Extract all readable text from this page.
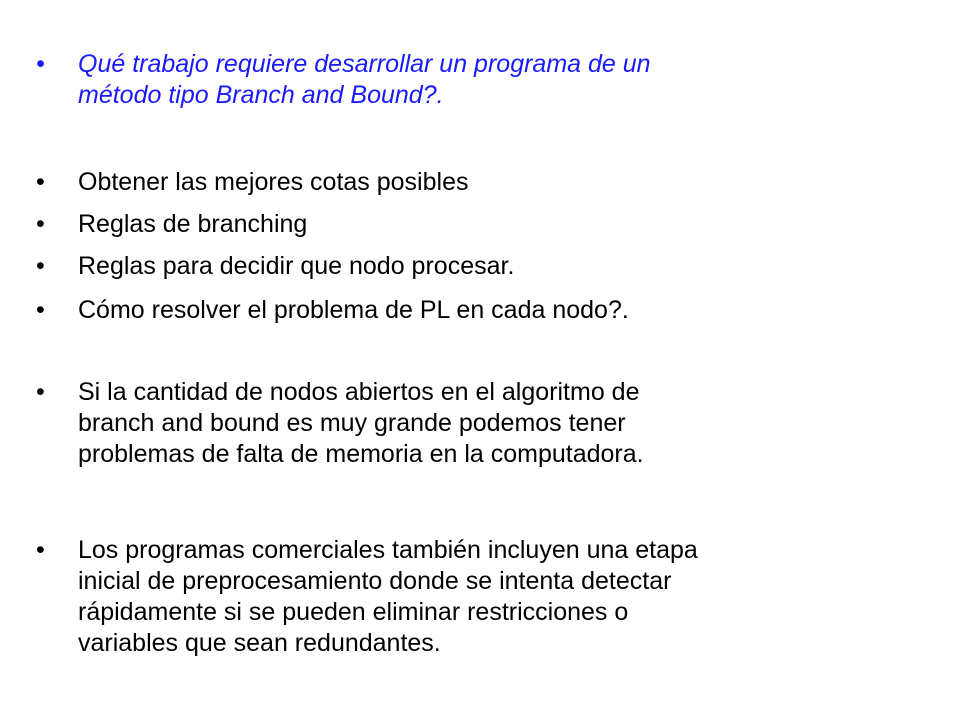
•	Qué trabajo requiere desarrollar un programa de un
método tipo Branch and Bound?.
•	Obtener las mejores cotas posibles
•	Reglas de branching
•	Reglas para decidir que nodo procesar.
•	Cómo resolver el problema de PL en cada nodo?.
•	Si la cantidad de nodos abiertos en el algoritmo de
branch and bound es muy grande podemos tener
problemas de falta de memoria en la computadora.
•	Los programas comerciales también incluyen una etapa
inicial de preprocesamiento donde se intenta detectar
rápidamente si se pueden eliminar restricciones o
variables que sean redundantes.
